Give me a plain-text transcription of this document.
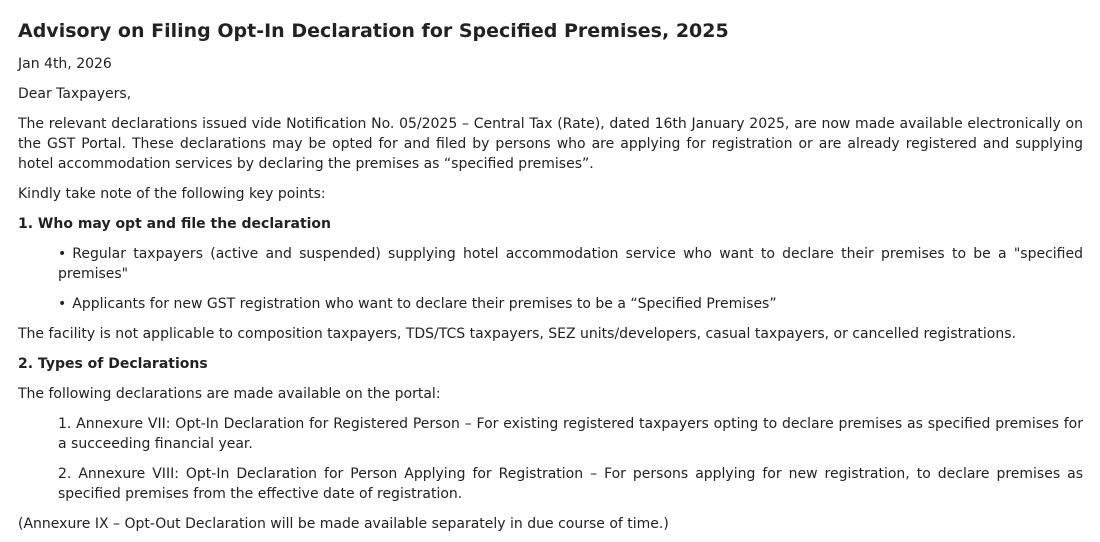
Advisory on Filing Opt-In Declaration for Specified Premises, 2025

Jan 4th, 2026

Dear Taxpayers,

The relevant declarations issued vide Notification No. 05/2025 – Central Tax (Rate), dated 16th January 2025, are now made available electronically on the GST Portal. These declarations may be opted for and filed by persons who are applying for registration or are already registered and supplying hotel accommodation services by declaring the premises as “specified premises”.

Kindly take note of the following key points:

1. Who may opt and file the declaration

• Regular taxpayers (active and suspended) supplying hotel accommodation service who want to declare their premises to be a "specified premises"

• Applicants for new GST registration who want to declare their premises to be a “Specified Premises”

The facility is not applicable to composition taxpayers, TDS/TCS taxpayers, SEZ units/developers, casual taxpayers, or cancelled registrations.

2. Types of Declarations

The following declarations are made available on the portal:

1. Annexure VII: Opt-In Declaration for Registered Person – For existing registered taxpayers opting to declare premises as specified premises for a succeeding financial year.

2. Annexure VIII: Opt-In Declaration for Person Applying for Registration – For persons applying for new registration, to declare premises as specified premises from the effective date of registration.

(Annexure IX – Opt-Out Declaration will be made available separately in due course of time.)
